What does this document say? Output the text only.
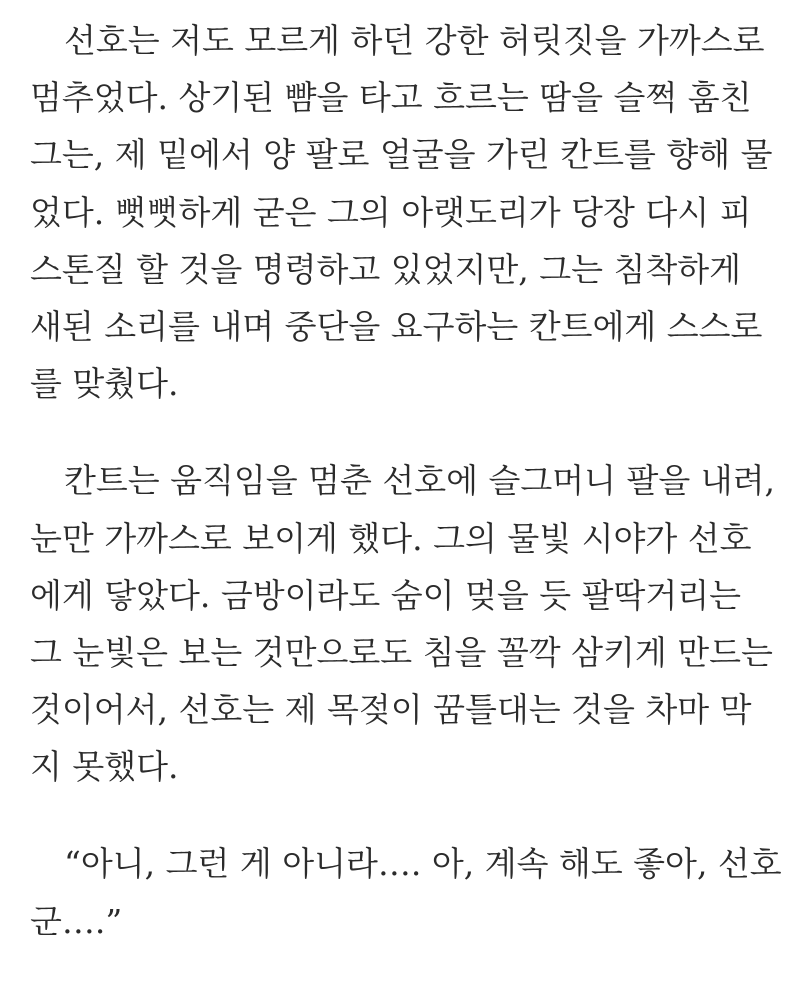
선호는 저도 모르게 하던 강한 허릿짓을 가까스로
멈추었다. 상기된 뺨을 타고 흐르는 땀을 슬쩍 훔친
그는, 제 밑에서 양 팔로 얼굴을 가린 칸트를 향해 물
었다. 뻣뻣하게 굳은 그의 아랫도리가 당장 다시 피
스톤질 할 것을 명령하고 있었지만, 그는 침착하게
새된 소리를 내며 중단을 요구하는 칸트에게 스스로
를 맞췄다.
칸트는 움직임을 멈춘 선호에 슬그머니 팔을 내려,
눈만 가까스로 보이게 했다. 그의 물빛 시야가 선호
에게 닿았다. 금방이라도 숨이 멎을 듯 팔딱거리는
그 눈빛은 보는 것만으로도 침을 꼴깍 삼키게 만드는
것이어서, 선호는 제 목젖이 꿈틀대는 것을 차마 막
지 못했다.
“아니, 그런 게 아니라…. 아, 계속 해도 좋아, 선호
군….”
